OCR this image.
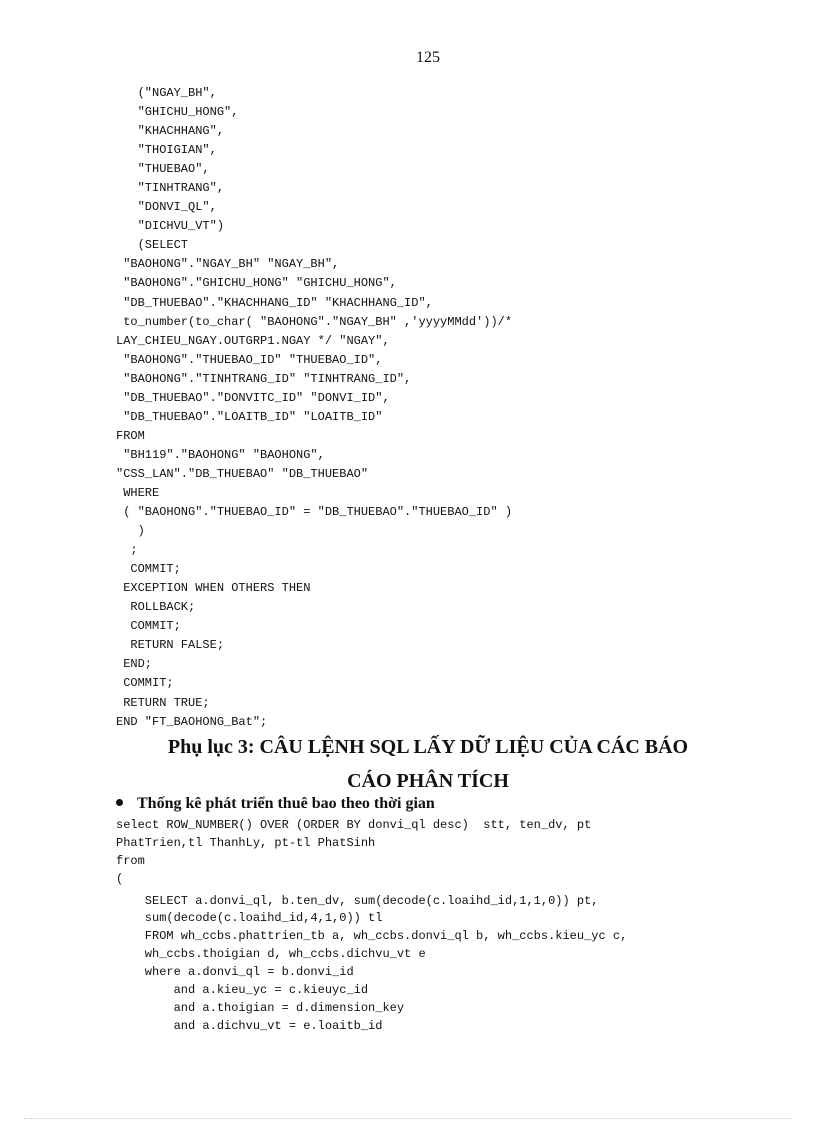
125
("NGAY_BH",
"GHICHU_HONG",
"KHACHHANG",
"THOIGIAN",
"THUEBAO",
"TINHTRANG",
"DONVI_QL",
"DICHVU_VT")
(SELECT
"BAOHONG"."NGAY_BH" "NGAY_BH",
"BAOHONG"."GHICHU_HONG" "GHICHU_HONG",
"DB_THUEBAO"."KHACHHANG_ID" "KHACHHANG_ID",
to_number(to_char( "BAOHONG"."NGAY_BH" ,'yyyyMMdd'))/*
LAY_CHIEU_NGAY.OUTGRP1.NGAY */ "NGAY",
"BAOHONG"."THUEBAO_ID" "THUEBAO_ID",
"BAOHONG"."TINHTRANG_ID" "TINHTRANG_ID",
"DB_THUEBAO"."DONVITC_ID" "DONVI_ID",
"DB_THUEBAO"."LOAITB_ID" "LOAITB_ID"
FROM
"BH119"."BAOHONG" "BAOHONG",
"CSS_LAN"."DB_THUEBAO" "DB_THUEBAO"
WHERE
( "BAOHONG"."THUEBAO_ID" = "DB_THUEBAO"."THUEBAO_ID" )
)
;
COMMIT;
EXCEPTION WHEN OTHERS THEN
ROLLBACK;
COMMIT;
RETURN FALSE;
END;
COMMIT;
RETURN TRUE;
END "FT_BAOHONG_Bat";
Phụ lục 3: CÂU LỆNH SQL LẤY DỮ LIỆU CỦA CÁC BÁO
CÁO PHÂN TÍCH
Thống kê phát triển thuê bao theo thời gian
select ROW_NUMBER() OVER (ORDER BY donvi_ql desc)  stt, ten_dv, pt
PhatTrien,tl ThanhLy, pt-tl PhatSinh
from
(
SELECT a.donvi_ql, b.ten_dv, sum(decode(c.loaihd_id,1,1,0)) pt,
sum(decode(c.loaihd_id,4,1,0)) tl
FROM wh_ccbs.phattrien_tb a, wh_ccbs.donvi_ql b, wh_ccbs.kieu_yc c,
wh_ccbs.thoigian d, wh_ccbs.dichvu_vt e
where a.donvi_ql = b.donvi_id
and a.kieu_yc = c.kieuyc_id
and a.thoigian = d.dimension_key
and a.dichvu_vt = e.loaitb_id
